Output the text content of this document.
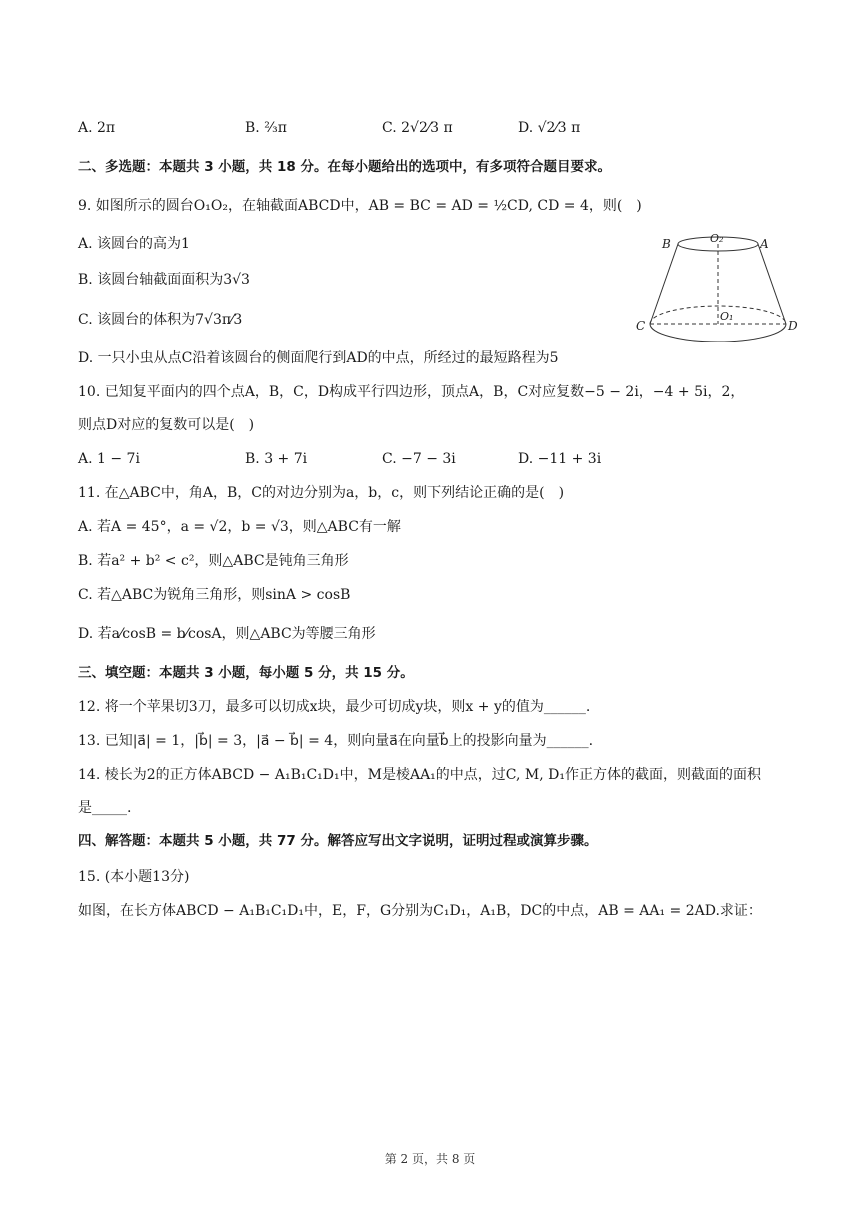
A. 2π	B. ²⁄₃π	C. 2√2⁄3 π	D. √2⁄3 π
二、多选题：本题共 3 小题，共 18 分。在每小题给出的选项中，有多项符合题目要求。
9. 如图所示的圆台O₁O₂，在轴截面ABCD中，AB = BC = AD = ½CD, CD = 4，则(　)
A. 该圆台的高为1
B. 该圆台轴截面面积为3√3
C. 该圆台的体积为7√3π⁄3
D. 一只小虫从点C沿着该圆台的侧面爬行到AD的中点，所经过的最短路程为5
B	A
O₂
O₁
C	D
10. 已知复平面内的四个点A，B，C，D构成平行四边形，顶点A，B，C对应复数−5 − 2i，−4 + 5i，2，
则点D对应的复数可以是(　)
A. 1 − 7i	B. 3 + 7i	C. −7 − 3i	D. −11 + 3i
11. 在△ABC中，角A，B，C的对边分别为a，b，c，则下列结论正确的是(　)
A. 若A = 45°，a = √2，b = √3，则△ABC有一解
B. 若a² + b² < c²，则△ABC是钝角三角形
C. 若△ABC为锐角三角形，则sinA > cosB
D. 若a⁄cosB = b⁄cosA，则△ABC为等腰三角形
三、填空题：本题共 3 小题，每小题 5 分，共 15 分。
12. 将一个苹果切3刀，最多可以切成x块，最少可切成y块，则x + y的值为______.
13. 已知|a⃗| = 1，|b⃗| = 3，|a⃗ − b⃗| = 4，则向量a⃗在向量b⃗上的投影向量为______.
14. 棱长为2的正方体ABCD − A₁B₁C₁D₁中，M是棱AA₁的中点，过C, M, D₁作正方体的截面，则截面的面积
是_____.
四、解答题：本题共 5 小题，共 77 分。解答应写出文字说明，证明过程或演算步骤。
15. (本小题13分)
如图，在长方体ABCD − A₁B₁C₁D₁中，E，F，G分别为C₁D₁，A₁B，DC的中点，AB = AA₁ = 2AD.求证：
第 2 页，共 8 页
